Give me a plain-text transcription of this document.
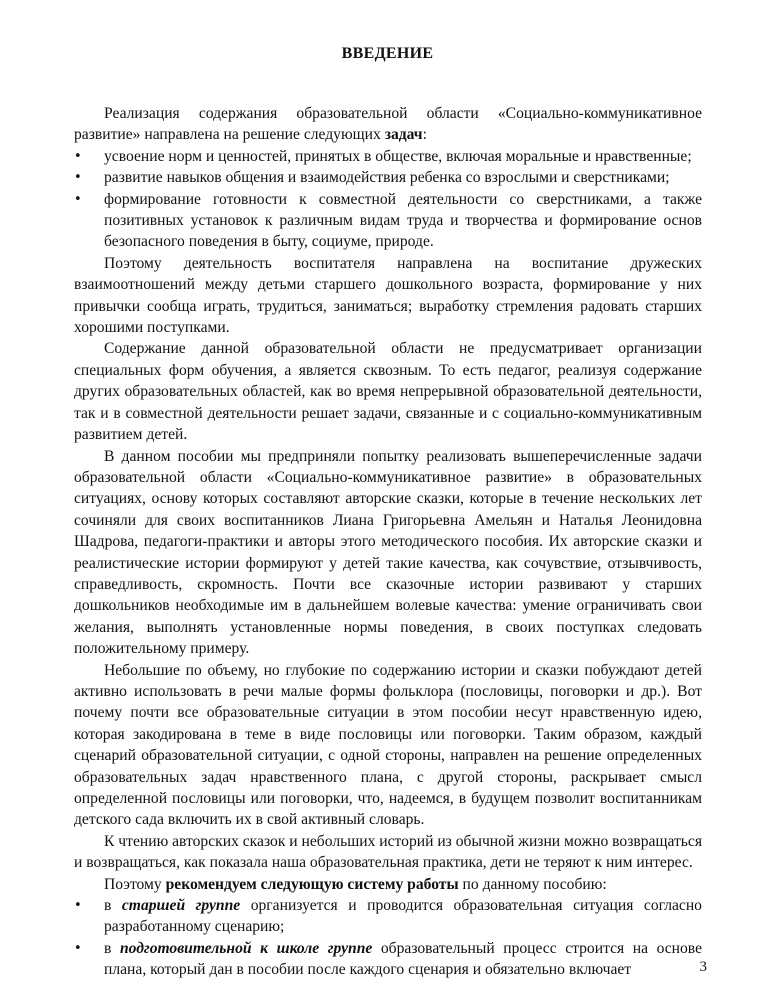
ВВЕДЕНИЕ

Реализация содержания образовательной области «Социально-коммуникативное развитие» направлена на решение следующих задач:

• усвоение норм и ценностей, принятых в обществе, включая моральные и нравственные;
• развитие навыков общения и взаимодействия ребенка со взрослыми и сверстниками;
• формирование готовности к совместной деятельности со сверстниками, а также позитивных установок к различным видам труда и творчества и формирование основ безопасного поведения в быту, социуме, природе.

Поэтому деятельность воспитателя направлена на воспитание дружеских взаимоотношений между детьми старшего дошкольного возраста, формирование у них привычки сообща играть, трудиться, заниматься; выработку стремления радовать старших хорошими поступками.

Содержание данной образовательной области не предусматривает организации специальных форм обучения, а является сквозным. То есть педагог, реализуя содержание других образовательных областей, как во время непрерывной образовательной деятельности, так и в совместной деятельности решает задачи, связанные и с социально-коммуникативным развитием детей.

В данном пособии мы предприняли попытку реализовать вышеперечисленные задачи образовательной области «Социально-коммуникативное развитие» в образовательных ситуациях, основу которых составляют авторские сказки, которые в течение нескольких лет сочиняли для своих воспитанников Лиана Григорьевна Амельян и Наталья Леонидовна Шадрова, педагоги-практики и авторы этого методического пособия. Их авторские сказки и реалистические истории формируют у детей такие качества, как сочувствие, отзывчивость, справедливость, скромность. Почти все сказочные истории развивают у старших дошкольников необходимые им в дальнейшем волевые качества: умение ограничивать свои желания, выполнять установленные нормы поведения, в своих поступках следовать положительному примеру.

Небольшие по объему, но глубокие по содержанию истории и сказки побуждают детей активно использовать в речи малые формы фольклора (пословицы, поговорки и др.). Вот почему почти все образовательные ситуации в этом пособии несут нравственную идею, которая закодирована в теме в виде пословицы или поговорки. Таким образом, каждый сценарий образовательной ситуации, с одной стороны, направлен на решение определенных образовательных задач нравственного плана, с другой стороны, раскрывает смысл определенной пословицы или поговорки, что, надеемся, в будущем позволит воспитанникам детского сада включить их в свой активный словарь.

К чтению авторских сказок и небольших историй из обычной жизни можно возвращаться и возвращаться, как показала наша образовательная практика, дети не теряют к ним интерес.

Поэтому рекомендуем следующую систему работы по данному пособию:

• в старшей группе организуется и проводится образовательная ситуация согласно разработанному сценарию;
• в подготовительной к школе группе образовательный процесс строится на основе плана, который дан в пособии после каждого сценария и обязательно включает	3
